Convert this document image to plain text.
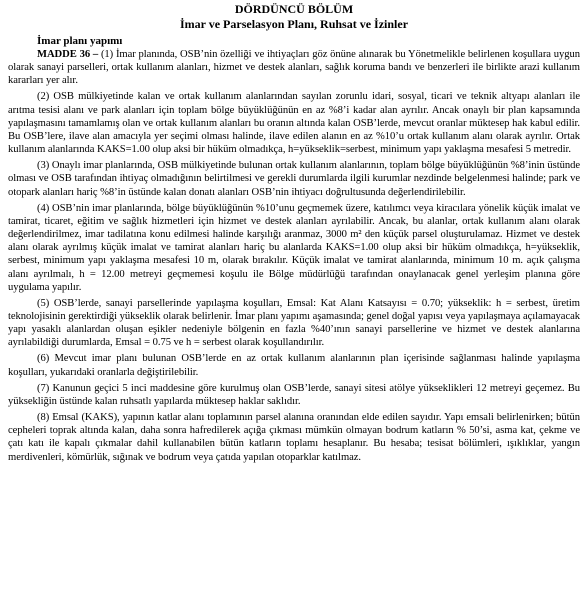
DÖRDÜNCÜ BÖLÜM

İmar ve Parselasyon Planı, Ruhsat ve İzinler

İmar planı yapımı

MADDE 36 – (1) İmar planında, OSB’nin özelliği ve ihtiyaçları göz önüne alınarak bu Yönetmelikle belirlenen koşullara uygun olarak sanayi parselleri, ortak kullanım alanları, hizmet ve destek alanları, sağlık koruma bandı ve benzerleri ile birlikte arazi kullanım kararları yer alır.

(2) OSB mülkiyetinde kalan ve ortak kullanım alanlarından sayılan zorunlu idari, sosyal, ticari ve teknik altyapı alanları ile arıtma tesisi alanı ve park alanları için toplam bölge büyüklüğünün en az %8’i kadar alan ayrılır. Ancak onaylı bir plan kapsamında yapılaşmasını tamamlamış olan ve ortak kullanım alanları bu oranın altında kalan OSB’lerde, mevcut oranlar müktesep hak kabul edilir. Bu OSB’lere, ilave alan amacıyla yer seçimi olması halinde, ilave edilen alanın en az %10’u ortak kullanım alanı olarak ayrılır. Ortak kullanım alanlarında KAKS=1.00 olup aksi bir hüküm olmadıkça, h=yükseklik=serbest, minimum yapı yaklaşma mesafesi 5 metredir.

(3) Onaylı imar planlarında, OSB mülkiyetinde bulunan ortak kullanım alanlarının, toplam bölge büyüklüğünün %8’inin üstünde olması ve OSB tarafından ihtiyaç olmadığının belirtilmesi ve gerekli durumlarda ilgili kurumlar nezdinde belgelenmesi halinde; park ve otopark alanları hariç %8’in üstünde kalan donatı alanları OSB’nin ihtiyacı doğrultusunda değerlendirilebilir.

(4) OSB’nin imar planlarında, bölge büyüklüğünün %10’unu geçmemek üzere, katılımcı veya kiracılara yönelik küçük imalat ve tamirat, ticaret, eğitim ve sağlık hizmetleri için hizmet ve destek alanları ayrılabilir. Ancak, bu alanlar, ortak kullanım alanı olarak değerlendirilmez, imar tadilatına konu edilmesi halinde karşılığı aranmaz, 3000 m² den küçük parsel oluşturulamaz. Hizmet ve destek alanı olarak ayrılmış küçük imalat ve tamirat alanları hariç bu alanlarda KAKS=1.00 olup aksi bir hüküm olmadıkça, h=yükseklik, serbest, minimum yapı yaklaşma mesafesi 10 m, olarak bırakılır. Küçük imalat ve tamirat alanlarında, minimum 10 m. açık çalışma alanı ayrılmalı, h = 12.00 metreyi geçmemesi koşulu ile Bölge müdürlüğü tarafından onaylanacak genel yerleşim planına göre uygulama yapılır.

(5) OSB’lerde, sanayi parsellerinde yapılaşma koşulları, Emsal: Kat Alanı Katsayısı = 0.70; yükseklik: h = serbest, üretim teknolojisinin gerektirdiği yükseklik olarak belirlenir. İmar planı yapımı aşamasında; genel doğal yapısı veya yapılaşmaya açılamayacak yapı yasaklı alanlardan oluşan eşikler nedeniyle bölgenin en fazla %40’ının sanayi parsellerine ve hizmet ve destek alanlarına ayrılabildiği durumlarda, Emsal = 0.75 ve h = serbest olarak koşullandırılır.

(6) Mevcut imar planı bulunan OSB’lerde en az ortak kullanım alanlarının plan içerisinde sağlanması halinde yapılaşma koşulları, yukarıdaki oranlarla değiştirilebilir.

(7) Kanunun geçici 5 inci maddesine göre kurulmuş olan OSB’lerde, sanayi sitesi atölye yükseklikleri 12 metreyi geçemez. Bu yüksekliğin üstünde kalan ruhsatlı yapılarda müktesep haklar saklıdır.

(8) Emsal (KAKS), yapının katlar alanı toplamının parsel alanına oranından elde edilen sayıdır. Yapı emsali belirlenirken; bütün cepheleri toprak altında kalan, daha sonra hafredilerek açığa çıkması mümkün olmayan bodrum katların % 50’si, asma kat, çekme ve çatı katı ile kapalı çıkmalar dahil kullanabilen bütün katların toplamı hesaplanır. Bu hesaba; tesisat bölümleri, ışıklıklar, yangın merdivenleri, kömürlük, sığınak ve bodrum veya çatıda yapılan otoparklar katılmaz.
